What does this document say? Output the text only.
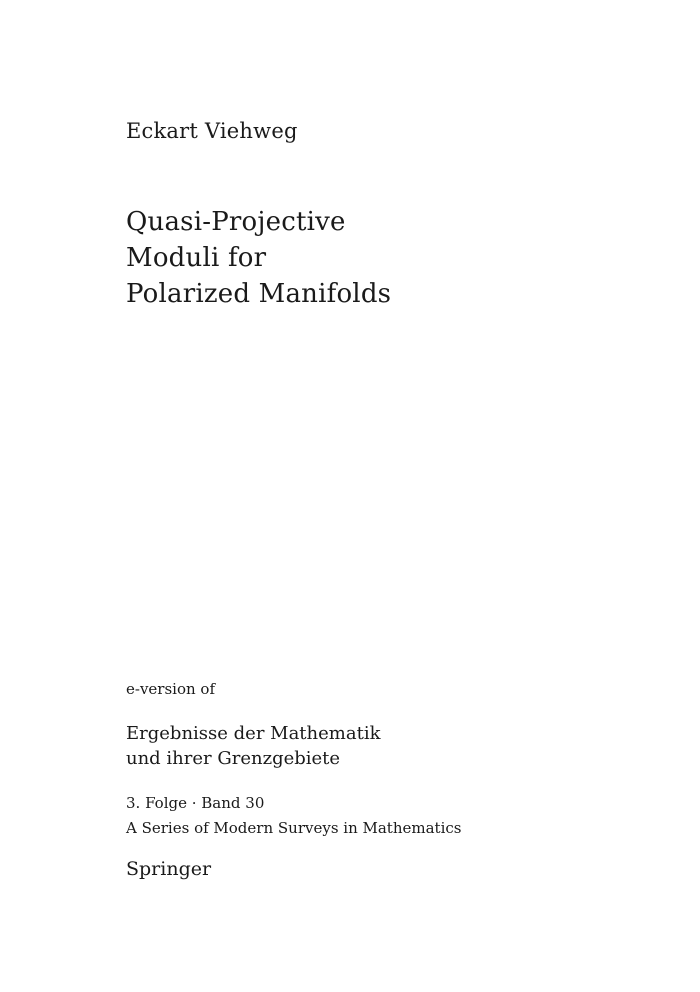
Eckart Viehweg
Quasi-Projective
Moduli for
Polarized Manifolds
e-version of
Ergebnisse der Mathematik
und ihrer Grenzgebiete
3. Folge · Band 30
A Series of Modern Surveys in Mathematics
Springer
